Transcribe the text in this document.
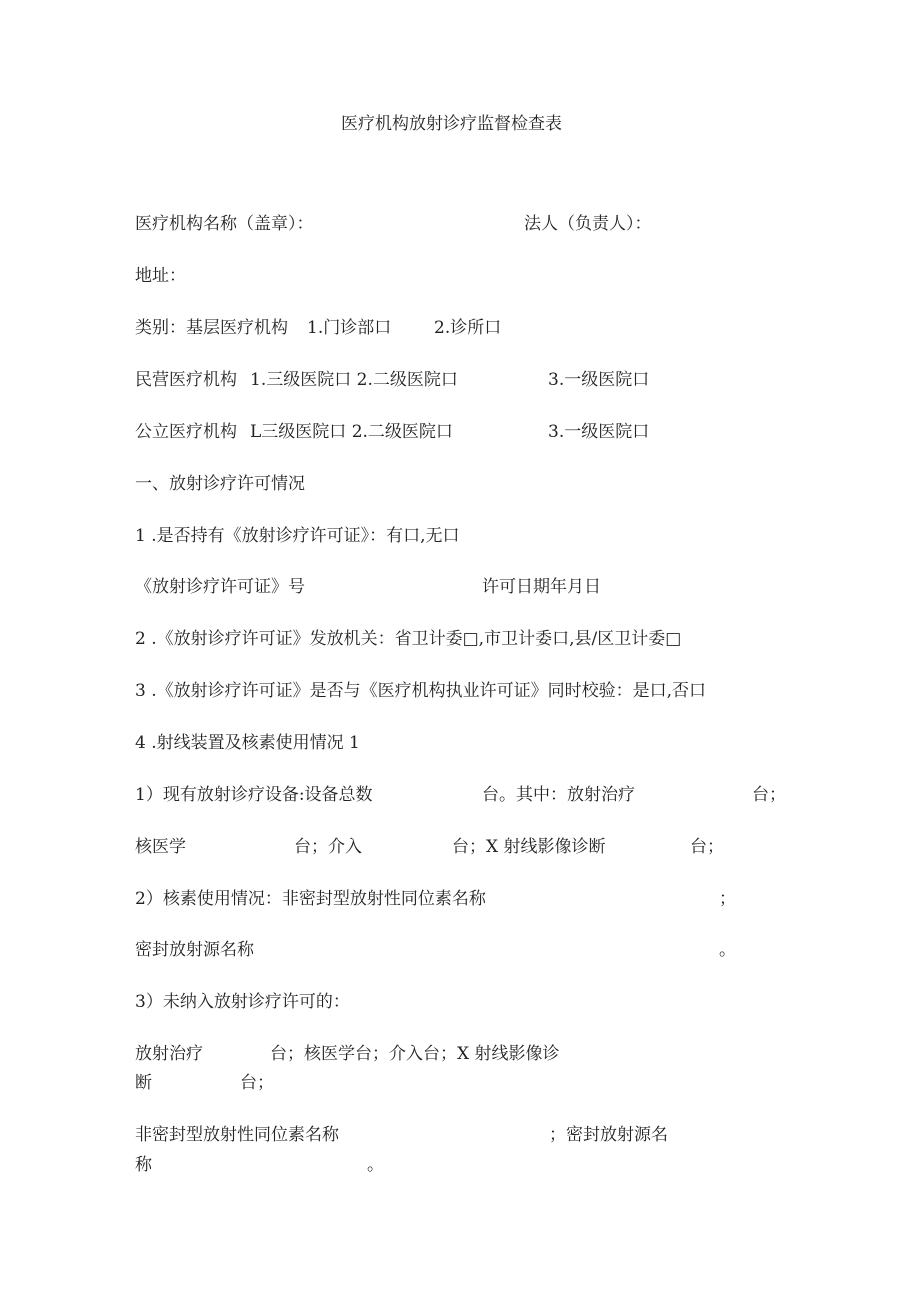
医疗机构放射诊疗监督检查表
医疗机构名称（盖章）：	法人（负责人）：
地址：
类别：基层医疗机构 1.门诊部口	2.诊所口
民营医疗机构 1.三级医院口 2.二级医院口	3.一级医院口
公立医疗机构 L三级医院口 2.二级医院口	3.一级医院口
一、放射诊疗许可情况
1 .是否持有《放射诊疗许可证》：有口,无口
《放射诊疗许可证》号	许可日期年月日
2 .《放射诊疗许可证》发放机关：省卫计委□,市卫计委口,县/区卫计委□
3 .《放射诊疗许可证》是否与《医疗机构执业许可证》同时校验：是口,否口
4 .射线装置及核素使用情况 1
1）现有放射诊疗设备:设备总数	台。其中：放射治疗	台；
核医学	台；介入	台；X 射线影像诊断	台；
2）核素使用情况：非密封型放射性同位素名称	；
密封放射源名称	。
3）未纳入放射诊疗许可的：
放射治疗	台；核医学台；介入台；X 射线影像诊
断	台；
非密封型放射性同位素名称	；密封放射源名
称	。
